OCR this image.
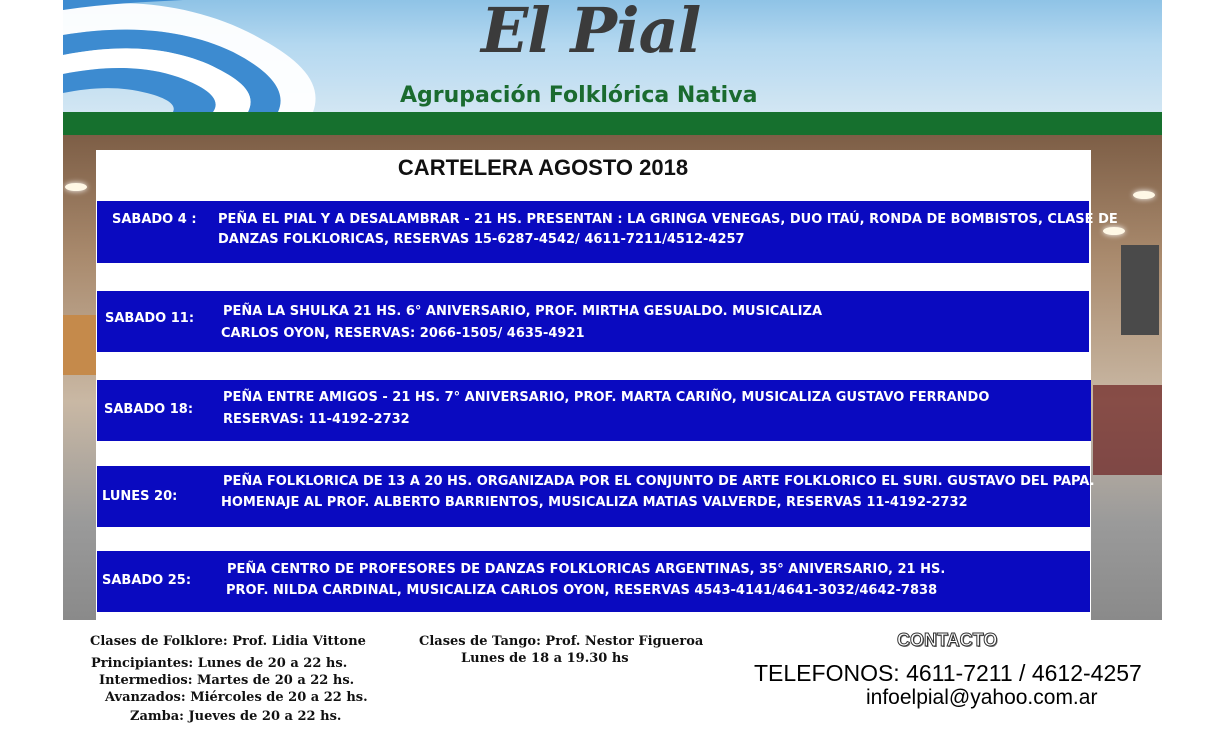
El Pial
Agrupación Folklórica Nativa
CARTELERA AGOSTO 2018
SABADO 4 : PEÑA EL PIAL Y A DESALAMBRAR - 21 HS. PRESENTAN : LA GRINGA VENEGAS, DUO ITAÚ, RONDA DE BOMBISTOS, CLASE DE
DANZAS FOLKLORICAS, RESERVAS 15-6287-4542/ 4611-7211/4512-4257
SABADO 11: PEÑA LA SHULKA 21 HS. 6° ANIVERSARIO, PROF. MIRTHA GESUALDO. MUSICALIZA
CARLOS OYON, RESERVAS: 2066-1505/ 4635-4921
SABADO 18:
PEÑA ENTRE AMIGOS - 21 HS. 7° ANIVERSARIO, PROF. MARTA CARIÑO, MUSICALIZA GUSTAVO FERRANDO
RESERVAS: 11-4192-2732
LUNES 20:
PEÑA FOLKLORICA DE 13 A 20 HS. ORGANIZADA POR EL CONJUNTO DE ARTE FOLKLORICO EL SURI. GUSTAVO DEL PAPA.
HOMENAJE AL PROF. ALBERTO BARRIENTOS, MUSICALIZA MATIAS VALVERDE, RESERVAS 11-4192-2732
SABADO 25:
PEÑA CENTRO DE PROFESORES DE DANZAS FOLKLORICAS ARGENTINAS, 35° ANIVERSARIO, 21 HS.
PROF. NILDA CARDINAL, MUSICALIZA CARLOS OYON, RESERVAS 4543-4141/4641-3032/4642-7838
Clases de Folklore: Prof. Lidia Vittone
Principiantes: Lunes de 20 a 22 hs.
Intermedios: Martes de 20 a 22 hs.
Avanzados: Miércoles de 20 a 22 hs.
Zamba: Jueves de 20 a 22 hs.
Clases de Tango: Prof. Nestor Figueroa
Lunes de 18 a 19.30 hs
CONTACTO
TELEFONOS: 4611-7211 / 4612-4257
infoelpial@yahoo.com.ar
